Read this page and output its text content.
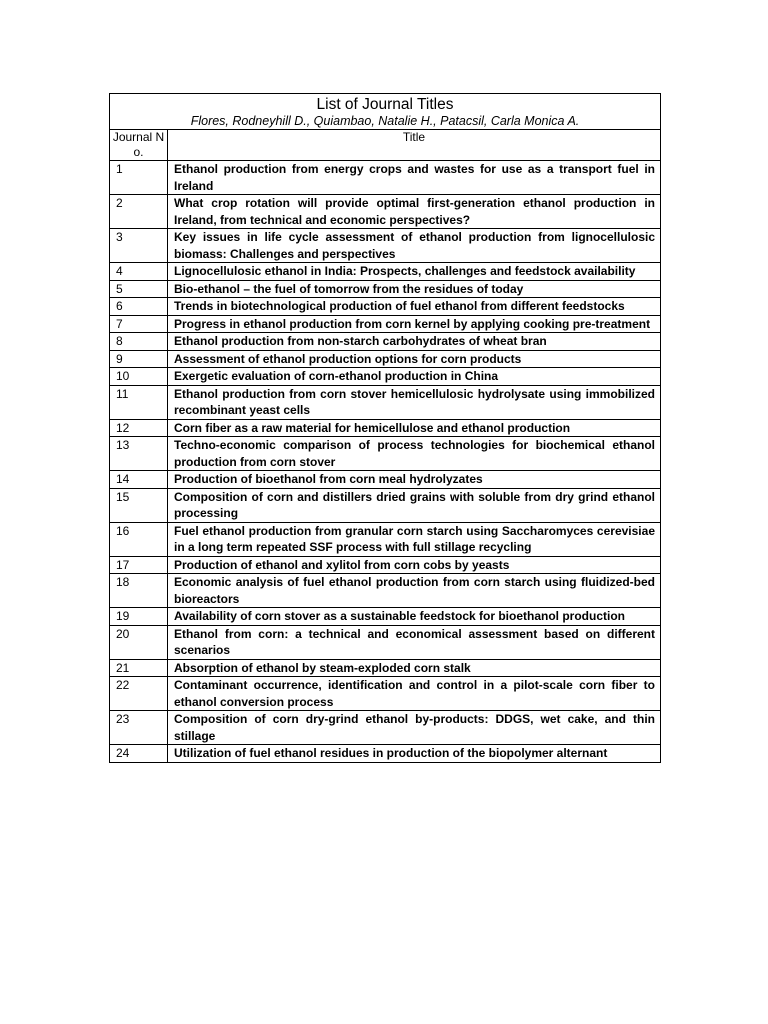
List of Journal Titles
Flores, Rodneyhill D., Quiambao, Natalie H., Patacsil, Carla Monica A.	

Journal No.	Title
1	Ethanol production from energy crops and wastes for use as a transport fuel in Ireland
2	What crop rotation will provide optimal first-generation ethanol production in Ireland, from technical and economic perspectives?
3	Key issues in life cycle assessment of ethanol production from lignocellulosic biomass: Challenges and perspectives
4	Lignocellulosic ethanol in India: Prospects, challenges and feedstock availability
5	Bio-ethanol – the fuel of tomorrow from the residues of today
6	Trends in biotechnological production of fuel ethanol from different feedstocks
7	Progress in ethanol production from corn kernel by applying cooking pre-treatment
8	Ethanol production from non-starch carbohydrates of wheat bran
9	Assessment of ethanol production options for corn products
10	Exergetic evaluation of corn-ethanol production in China
11	Ethanol production from corn stover hemicellulosic hydrolysate using immobilized recombinant yeast cells
12	Corn fiber as a raw material for hemicellulose and ethanol production
13	Techno-economic comparison of process technologies for biochemical ethanol production from corn stover
14	Production of bioethanol from corn meal hydrolyzates
15	Composition of corn and distillers dried grains with soluble from dry grind ethanol processing
16	Fuel ethanol production from granular corn starch using Saccharomyces cerevisiae in a long term repeated SSF process with full stillage recycling
17	Production of ethanol and xylitol from corn cobs by yeasts
18	Economic analysis of fuel ethanol production from corn starch using fluidized-bed bioreactors
19	Availability of corn stover as a sustainable feedstock for bioethanol production
20	Ethanol from corn: a technical and economical assessment based on different scenarios
21	Absorption of ethanol by steam-exploded corn stalk
22	Contaminant occurrence, identification and control in a pilot-scale corn fiber to ethanol conversion process
23	Composition of corn dry-grind ethanol by-products: DDGS, wet cake, and thin stillage
24	Utilization of fuel ethanol residues in production of the biopolymer alternant
